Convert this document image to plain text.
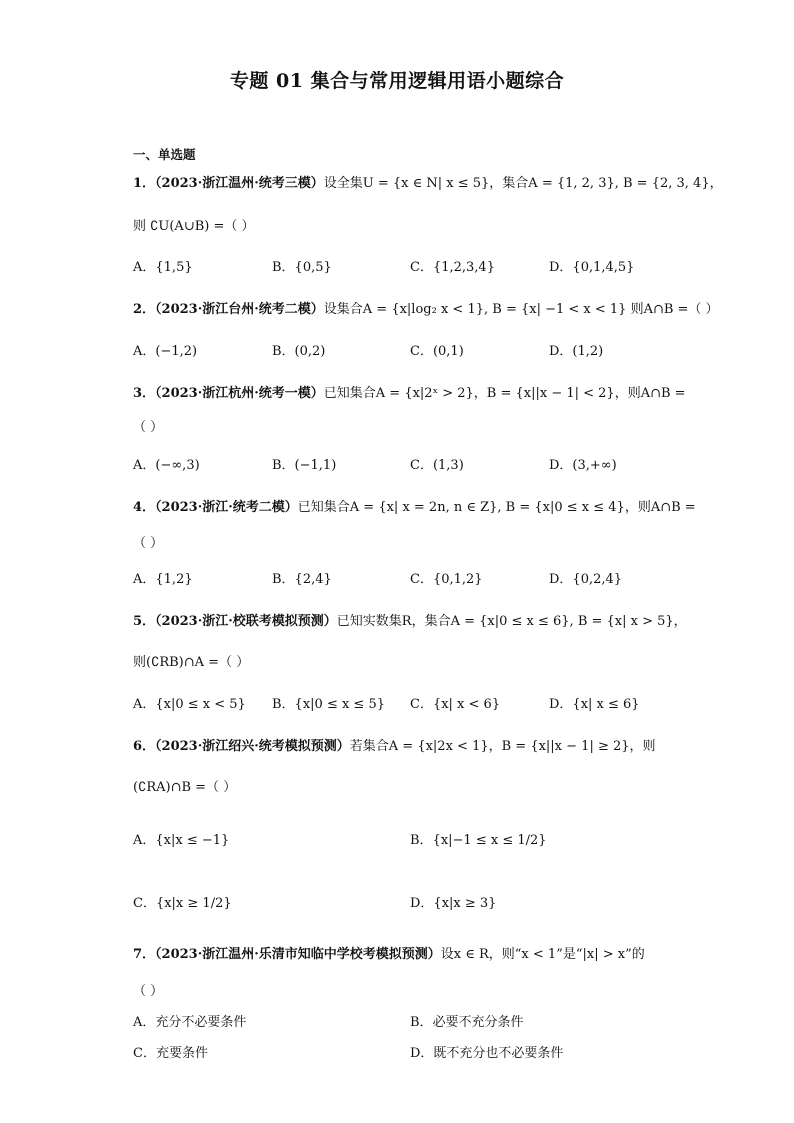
专题 01 集合与常用逻辑用语小题综合
一、单选题
1．（2023·浙江温州·统考三模）设全集U = {x ∈ N| x ≤ 5}，集合A = {1, 2, 3}, B = {2, 3, 4}，
则 ∁U(A∪B) =（ ）
A．{1,5}	B．{0,5}	C．{1,2,3,4}	D．{0,1,4,5}
2．（2023·浙江台州·统考二模）设集合A = {x|log₂ x < 1}, B = {x| −1 < x < 1} 则A∩B =（ ）
A．(−1,2)	B．(0,2)	C．(0,1)	D．(1,2)
3．（2023·浙江杭州·统考一模）已知集合A = {x|2ˣ > 2}，B = {x||x − 1| < 2}，则A∩B =
（ ）
A．(−∞,3)	B．(−1,1)	C．(1,3)	D．(3,+∞)
4．（2023·浙江·统考二模）已知集合A = {x| x = 2n, n ∈ Z}, B = {x|0 ≤ x ≤ 4}，则A∩B =
（ ）
A．{1,2}	B．{2,4}	C．{0,1,2}	D．{0,2,4}
5．（2023·浙江·校联考模拟预测）已知实数集R，集合A = {x|0 ≤ x ≤ 6}, B = {x| x > 5}，
则(∁RB)∩A =（ ）
A．{x|0 ≤ x < 5} B．{x|0 ≤ x ≤ 5} C．{x| x < 6}	D．{x| x ≤ 6}
6．（2023·浙江绍兴·统考模拟预测）若集合A = {x|2x < 1}，B = {x||x − 1| ≥ 2}，则
(∁RA)∩B =（ ）
A．{x|x ≤ −1}	B．{x|−1 ≤ x ≤ 1/2}
C．{x|x ≥ 1/2}	D．{x|x ≥ 3}
7．（2023·浙江温州·乐清市知临中学校考模拟预测）设x ∈ R，则“x < 1”是“|x| > x”的
（ ）
A．充分不必要条件	B．必要不充分条件
C．充要条件	D．既不充分也不必要条件
